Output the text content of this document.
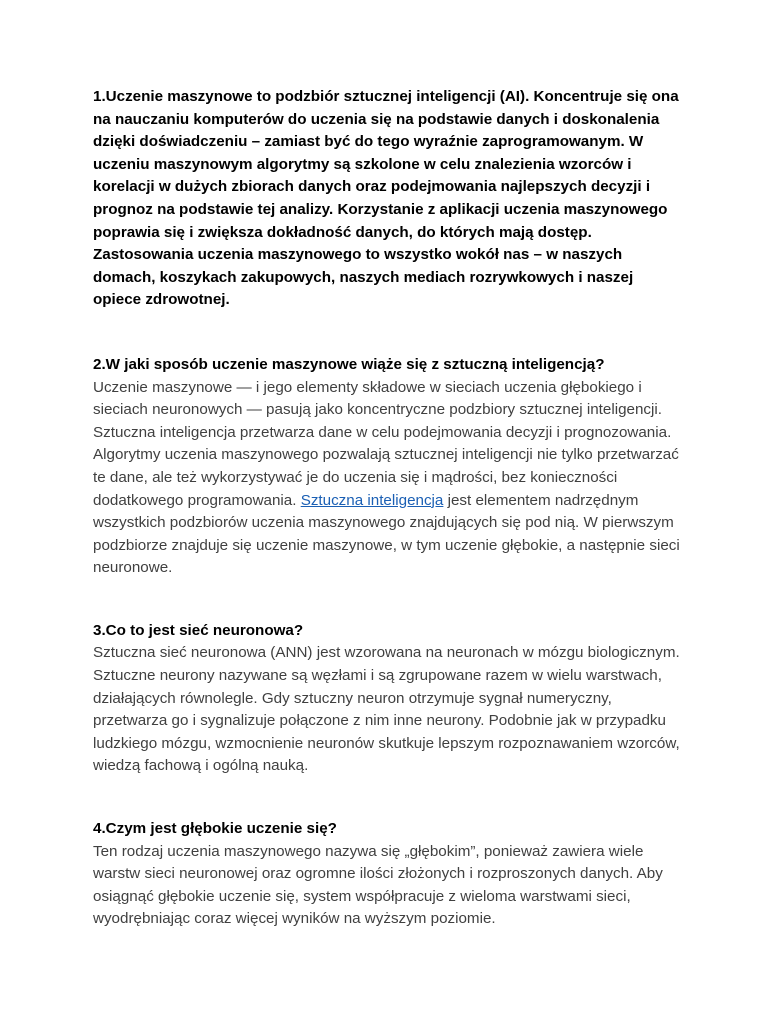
1.Uczenie maszynowe to podzbiór sztucznej inteligencji (AI). Koncentruje się ona na nauczaniu komputerów do uczenia się na podstawie danych i doskonalenia dzięki doświadczeniu – zamiast być do tego wyraźnie zaprogramowanym. W uczeniu maszynowym algorytmy są szkolone w celu znalezienia wzorców i korelacji w dużych zbiorach danych oraz podejmowania najlepszych decyzji i prognoz na podstawie tej analizy. Korzystanie z aplikacji uczenia maszynowego poprawia się i zwiększa dokładność danych, do których mają dostęp. Zastosowania uczenia maszynowego to wszystko wokół nas – w naszych domach, koszykach zakupowych, naszych mediach rozrywkowych i naszej opiece zdrowotnej.

2.W jaki sposób uczenie maszynowe wiąże się z sztuczną inteligencją?

Uczenie maszynowe — i jego elementy składowe w sieciach uczenia głębokiego i sieciach neuronowych — pasują jako koncentryczne podzbiory sztucznej inteligencji. Sztuczna inteligencja przetwarza dane w celu podejmowania decyzji i prognozowania. Algorytmy uczenia maszynowego pozwalają sztucznej inteligencji nie tylko przetwarzać te dane, ale też wykorzystywać je do uczenia się i mądrości, bez konieczności dodatkowego programowania. Sztuczna inteligencja jest elementem nadrzędnym wszystkich podzbiorów uczenia maszynowego znajdujących się pod nią. W pierwszym podzbiorze znajduje się uczenie maszynowe, w tym uczenie głębokie, a następnie sieci neuronowe.

3.Co to jest sieć neuronowa?

Sztuczna sieć neuronowa (ANN) jest wzorowana na neuronach w mózgu biologicznym. Sztuczne neurony nazywane są węzłami i są zgrupowane razem w wielu warstwach, działających równolegle. Gdy sztuczny neuron otrzymuje sygnał numeryczny, przetwarza go i sygnalizuje połączone z nim inne neurony. Podobnie jak w przypadku ludzkiego mózgu, wzmocnienie neuronów skutkuje lepszym rozpoznawaniem wzorców, wiedzą fachową i ogólną nauką.

4.Czym jest głębokie uczenie się?

Ten rodzaj uczenia maszynowego nazywa się „głębokim”, ponieważ zawiera wiele warstw sieci neuronowej oraz ogromne ilości złożonych i rozproszonych danych. Aby osiągnąć głębokie uczenie się, system współpracuje z wieloma warstwami sieci, wyodrębniając coraz więcej wyników na wyższym poziomie.
